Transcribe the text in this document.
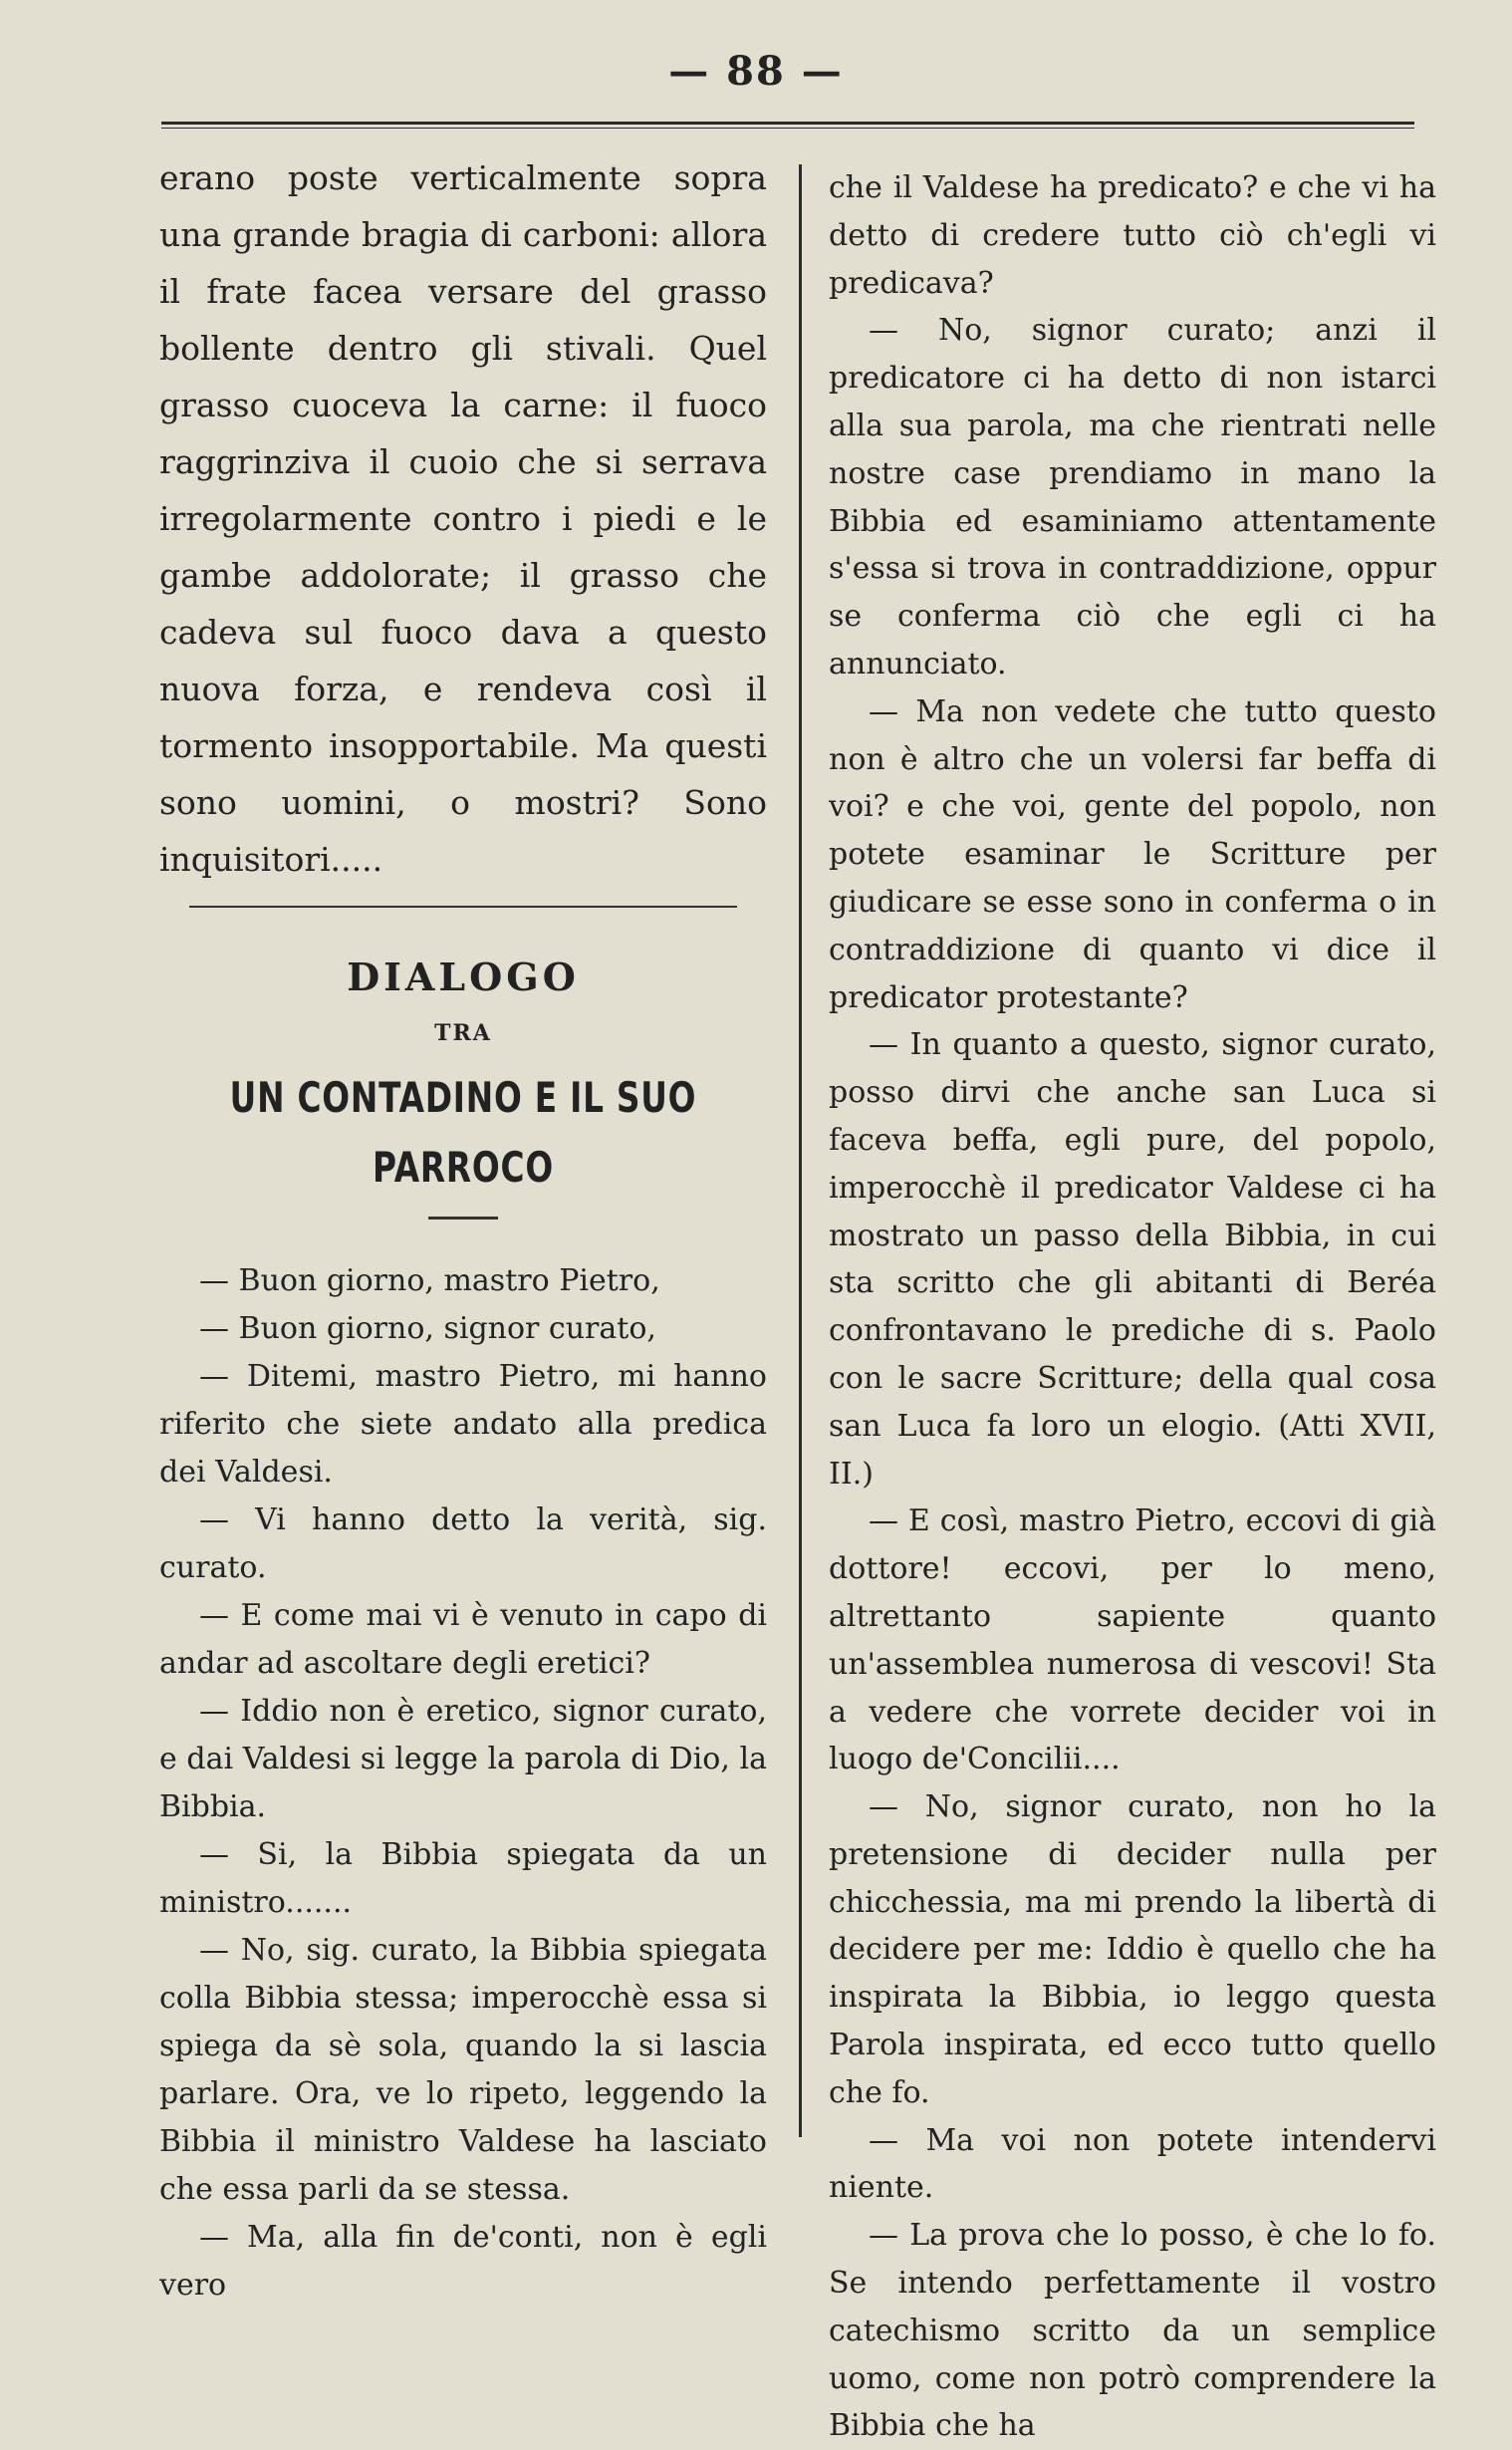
— 88 —

erano poste verticalmente sopra una grande bragia di carboni: allora il frate facea versare del grasso bollente dentro gli stivali. Quel grasso cuoceva la carne: il fuoco raggrinziva il cuoio che si serrava irregolarmente contro i piedi e le gambe addolorate; il grasso che cadeva sul fuoco dava a questo nuova forza, e rendeva così il tormento insopportabile. Ma questi sono uomini, o mostri? Sono inquisitori.....

DIALOGO
TRA
UN CONTADINO E IL SUO PARROCO

— Buon giorno, mastro Pietro,

— Buon giorno, signor curato,

— Ditemi, mastro Pietro, mi hanno riferito che siete andato alla predica dei Valdesi.

— Vi hanno detto la verità, sig. curato.

— E come mai vi è venuto in capo di andar ad ascoltare degli eretici?

— Iddio non è eretico, signor curato, e dai Valdesi si legge la parola di Dio, la Bibbia.

— Si, la Bibbia spiegata da un ministro.......

— No, sig. curato, la Bibbia spiegata colla Bibbia stessa; imperocchè essa si spiega da sè sola, quando la si lascia parlare. Ora, ve lo ripeto, leggendo la Bibbia il ministro Valdese ha lasciato che essa parli da se stessa.

— Ma, alla fin de'conti, non è egli vero

che il Valdese ha predicato? e che vi ha detto di credere tutto ciò ch'egli vi predicava?

— No, signor curato; anzi il predicatore ci ha detto di non istarci alla sua parola, ma che rientrati nelle nostre case prendiamo in mano la Bibbia ed esaminiamo attentamente s'essa si trova in contraddizione, oppur se conferma ciò che egli ci ha annunciato.

— Ma non vedete che tutto questo non è altro che un volersi far beffa di voi? e che voi, gente del popolo, non potete esaminar le Scritture per giudicare se esse sono in conferma o in contraddizione di quanto vi dice il predicator protestante?

— In quanto a questo, signor curato, posso dirvi che anche san Luca si faceva beffa, egli pure, del popolo, imperocchè il predicator Valdese ci ha mostrato un passo della Bibbia, in cui sta scritto che gli abitanti di Beréa confrontavano le prediche di s. Paolo con le sacre Scritture; della qual cosa san Luca fa loro un elogio. (Atti XVII, II.)

— E così, mastro Pietro, eccovi di già dottore! eccovi, per lo meno, altrettanto sapiente quanto un'assemblea numerosa di vescovi! Sta a vedere che vorrete decider voi in luogo de'Concilii....

— No, signor curato, non ho la pretensione di decider nulla per chicchessia, ma mi prendo la libertà di decidere per me: Iddio è quello che ha inspirata la Bibbia, io leggo questa Parola inspirata, ed ecco tutto quello che fo.

— Ma voi non potete intendervi niente.

— La prova che lo posso, è che lo fo. Se intendo perfettamente il vostro catechismo scritto da un semplice uomo, come non potrò comprendere la Bibbia che ha
